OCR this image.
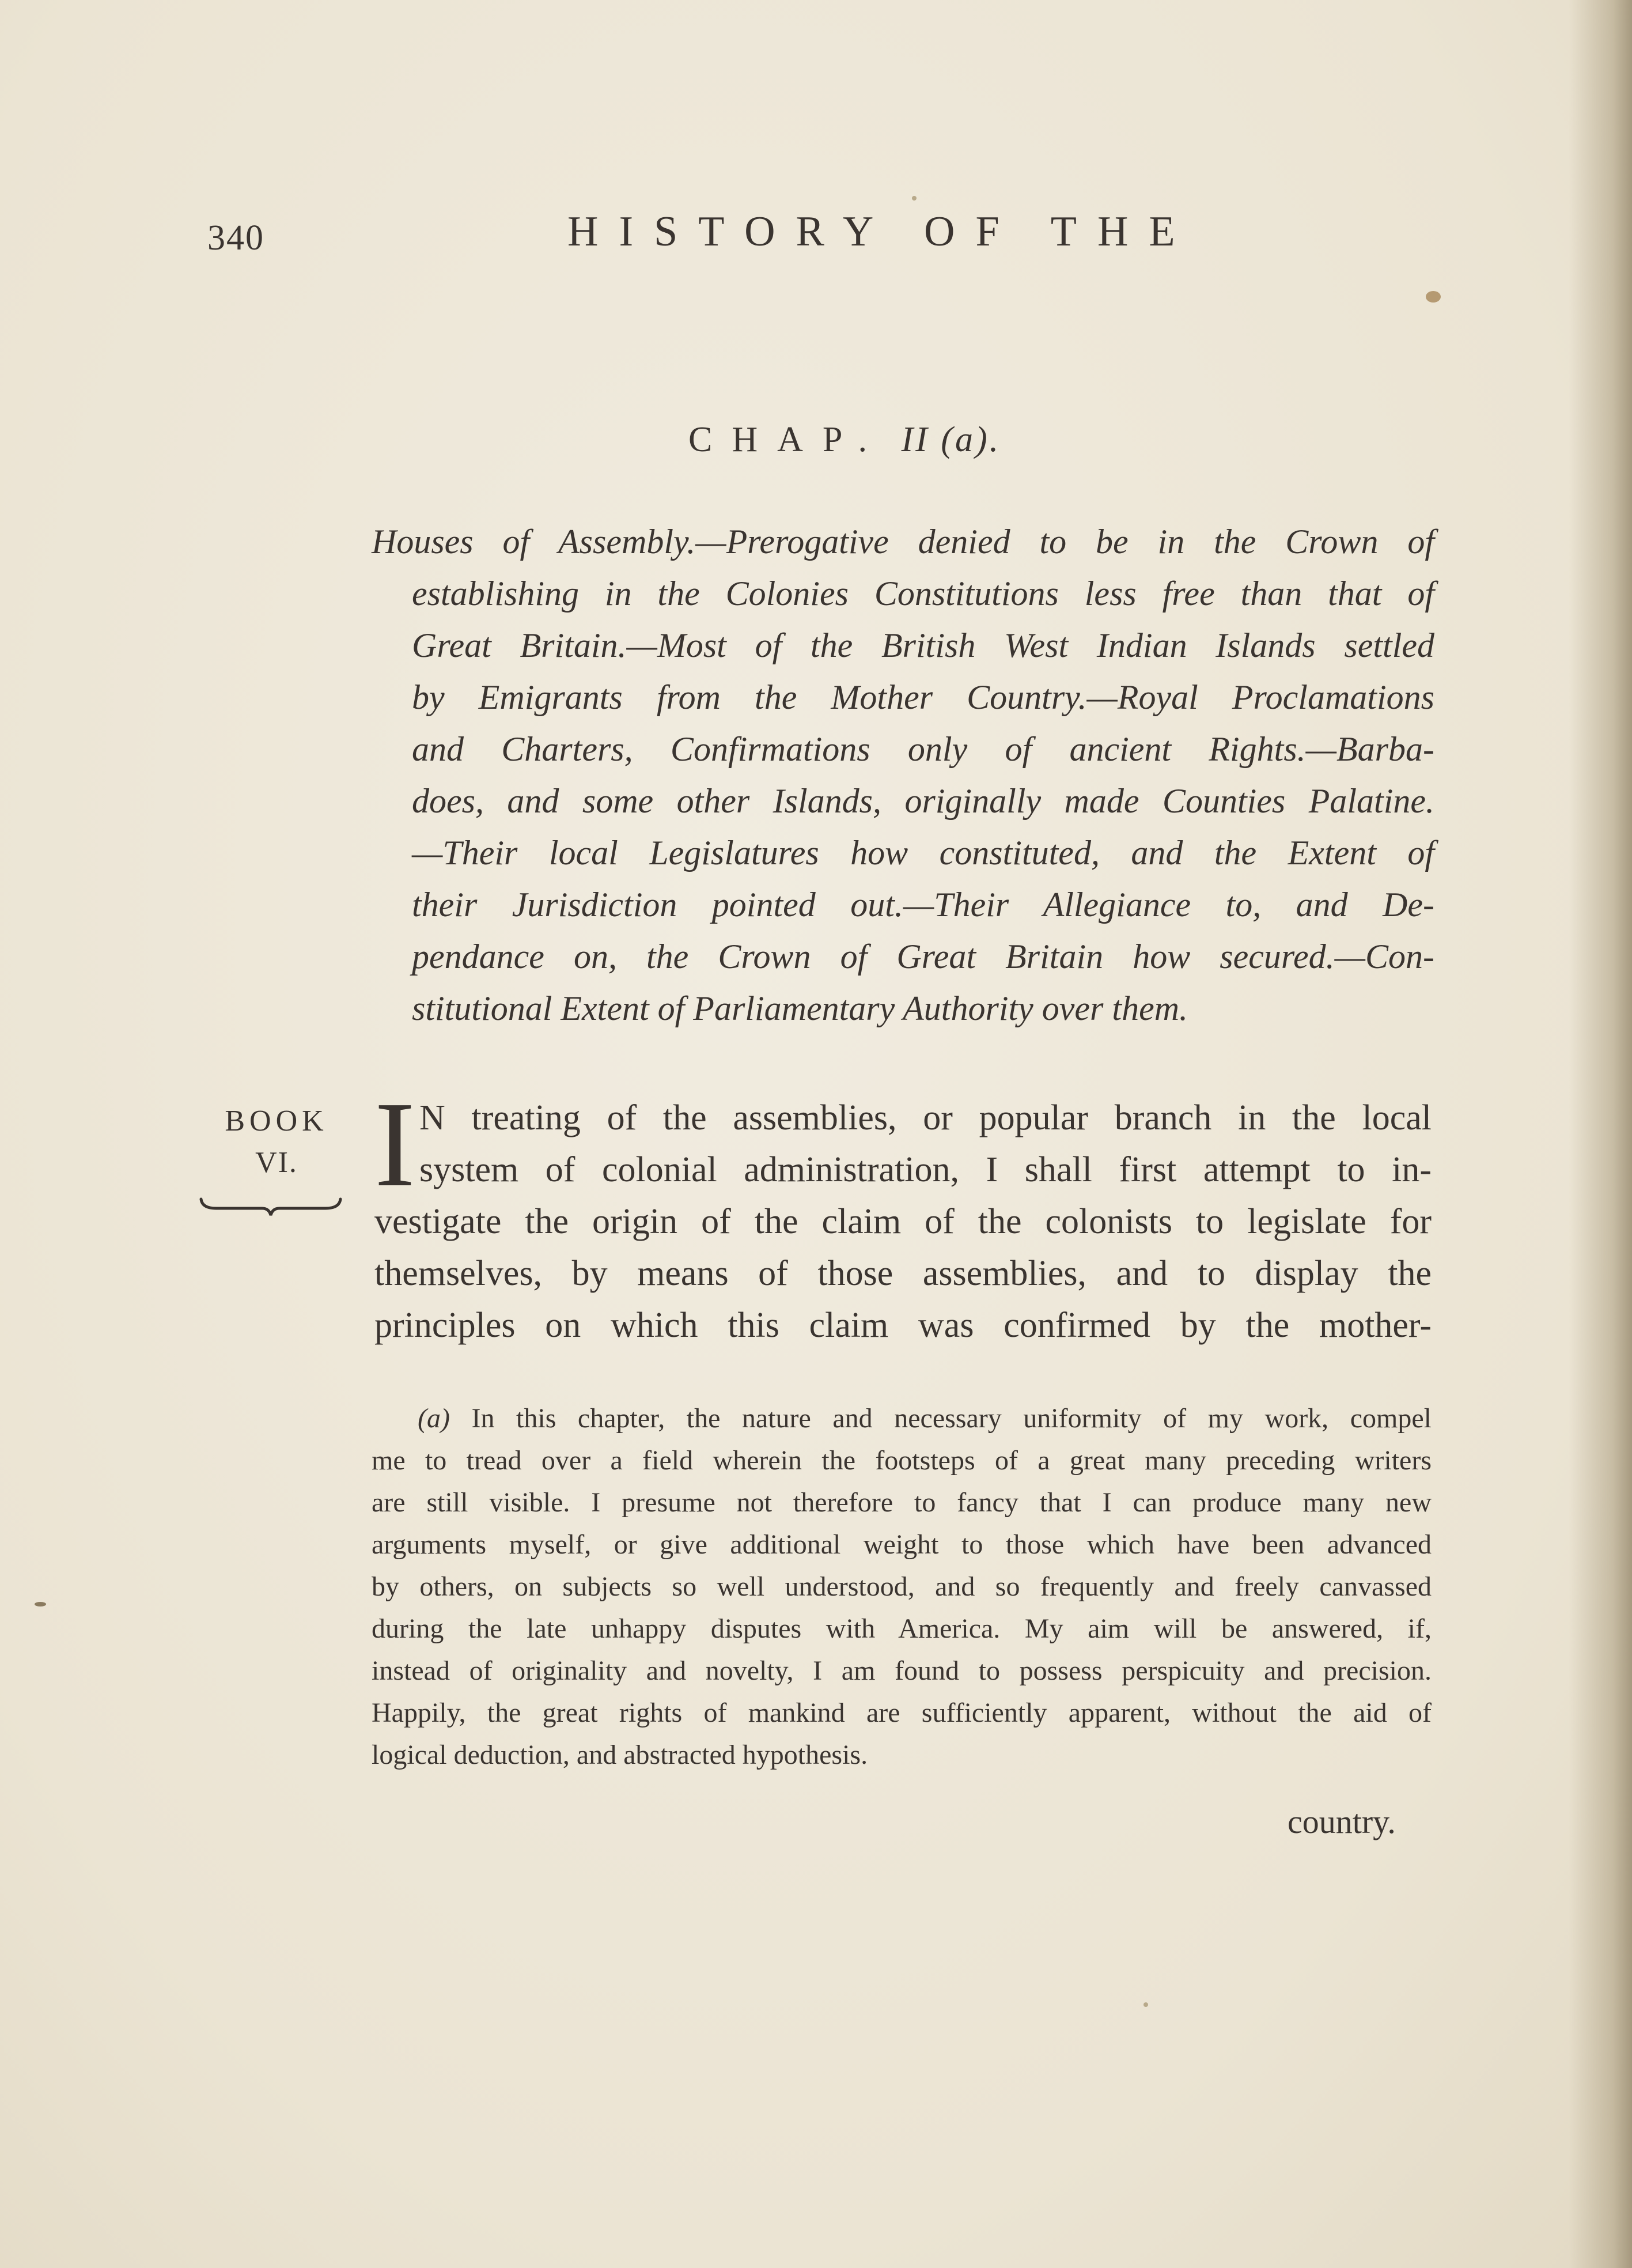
340	HISTORY OF THE
CHAP. II (a).
Houses of Assembly.—Prerogative denied to be in the Crown of
establishing in the Colonies Constitutions less free than that of
Great Britain.—Most of the British West Indian Islands settled
by Emigrants from the Mother Country.—Royal Proclamations
and Charters, Confirmations only of ancient Rights.—Barba-
does, and some other Islands, originally made Counties Palatine.
—Their local Legislatures how constituted, and the Extent of
their Jurisdiction pointed out.—Their Allegiance to, and De-
pendance on, the Crown of Great Britain how secured.—Con-
stitutional Extent of Parliamentary Authority over them.
BOOK
VI. I N treating of the assemblies, or popular branch in the local
system of colonial administration, I shall first attempt to in-
vestigate the origin of the claim of the colonists to legislate for
themselves, by means of those assemblies, and to display the
principles on which this claim was confirmed by the mother-
(a) In this chapter, the nature and necessary uniformity of my work, compel
me to tread over a field wherein the footsteps of a great many preceding writers
are still visible. I presume not therefore to fancy that I can produce many new
arguments myself, or give additional weight to those which have been advanced
by others, on subjects so well understood, and so frequently and freely canvassed
during the late unhappy disputes with America. My aim will be answered, if,
instead of originality and novelty, I am found to possess perspicuity and precision.
Happily, the great rights of mankind are sufficiently apparent, without the aid of
logical deduction, and abstracted hypothesis.
country.
